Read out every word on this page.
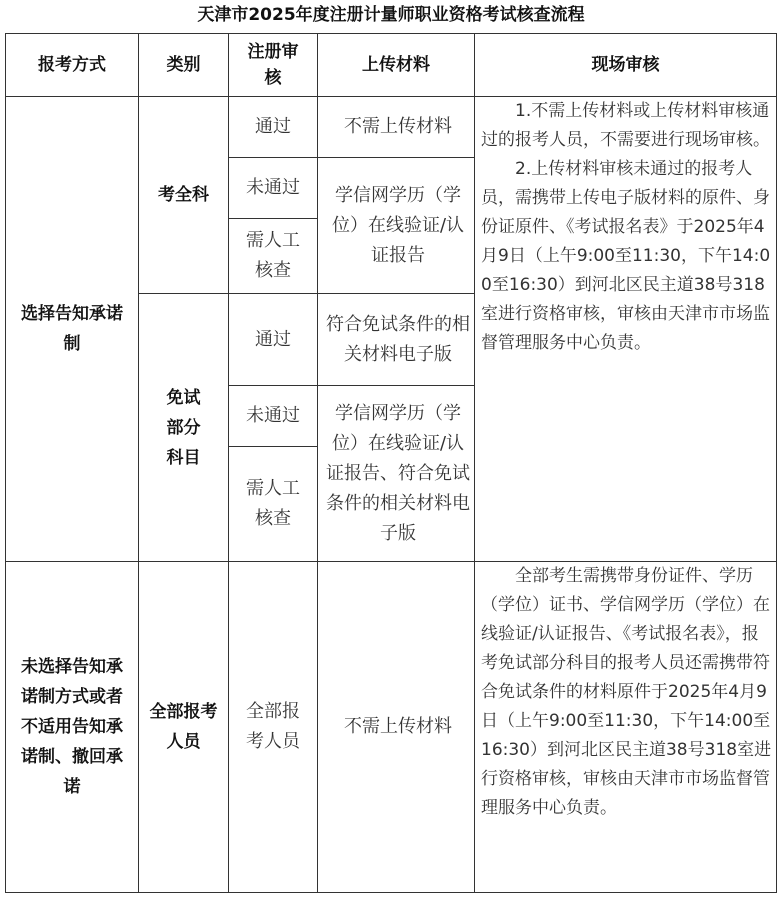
天津市2025年度注册计量师职业资格考试核查流程
报考方式	类别	注册审核	上传材料	现场审核
选择告知承诺制	考全科	通过	不需上传材料	1.不需上传材料或上传材料审核通过的报考人员，不需要进行现场审核。

2.上传材料审核未通过的报考人员，需携带上传电子版材料的原件、身份证原件、《考试报名表》于2025年4月9日（上午9:00至11:30，下午14:00至16:30）到河北区民主道38号318室进行资格审核，审核由天津市市场监督管理服务中心负责。

		未通过	学信网学历（学位）在线验证/认证报告	
		需人工核查		
	免试部分科目	通过	符合免试条件的相关材料电子版	
		未通过	学信网学历（学位）在线验证/认证报告、符合免试条件的相关材料电子版	
		需人工核查		
未选择告知承诺制方式或者不适用告知承诺制、撤回承诺	全部报考人员	全部报考人员	不需上传材料	全部考生需携带身份证件、学历（学位）证书、学信网学历（学位）在线验证/认证报告、《考试报名表》，报考免试部分科目的报考人员还需携带符合免试条件的材料原件于2025年4月9日（上午9:00至11:30，下午14:00至16:30）到河北区民主道38号318室进行资格审核，审核由天津市市场监督管理服务中心负责。
